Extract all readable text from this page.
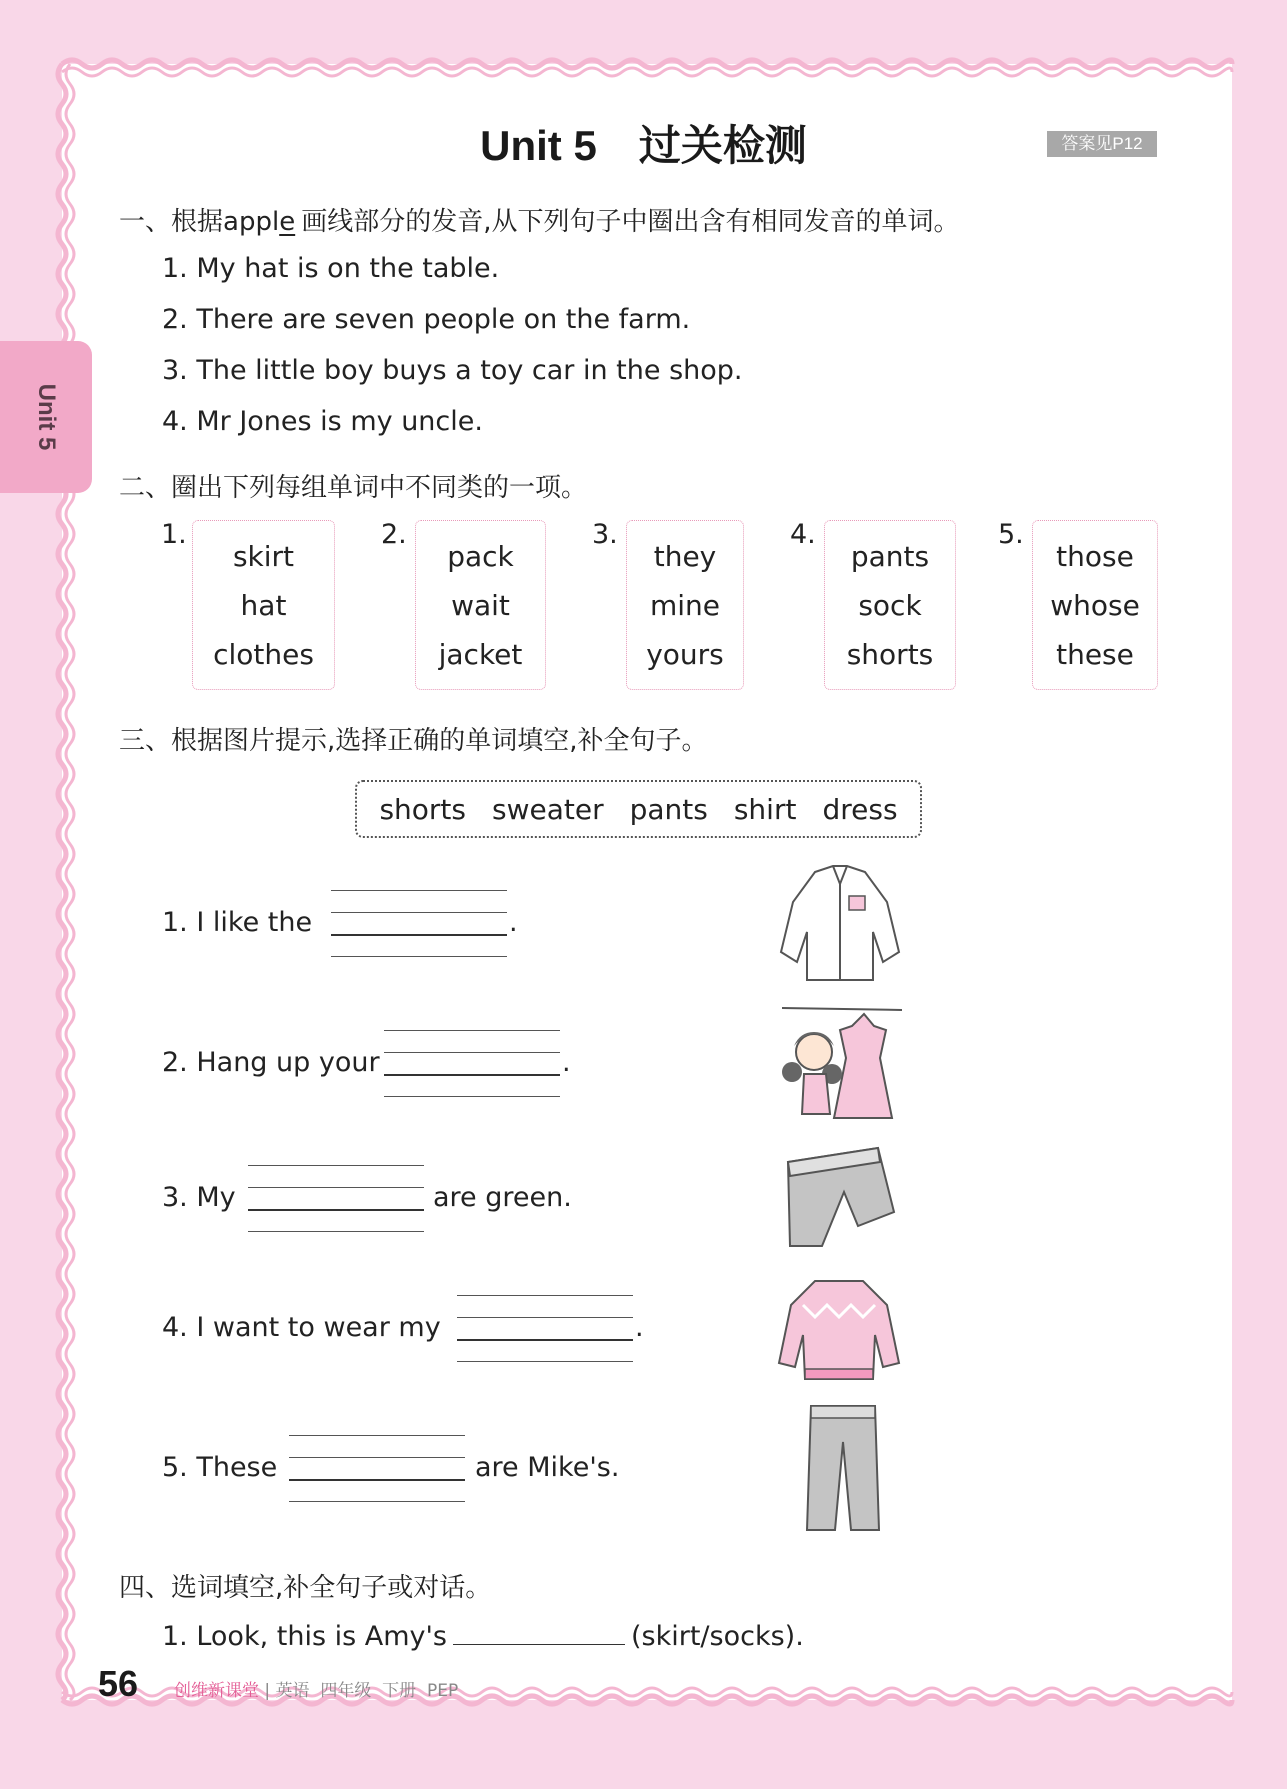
Unit 5
Unit 5　过关检测	答案见P12
一、根据apple 画线部分的发音,从下列句子中圈出含有相同发音的单词。
1. My hat is on the table.
2. There are seven people on the farm.
3. The little boy buys a toy car in the shop.
4. Mr Jones is my uncle.
二、圈出下列每组单词中不同类的一项。
1.
skirt
hat
clothes
2.
pack
wait
jacket
3.
they
mine
yours
4.
pants
sock
shorts
5.
those
whose
these
三、根据图片提示,选择正确的单词填空,补全句子。
shorts sweater pants shirt dress
1. I like the	.
2. Hang up your	.
3. My	are green.
4. I want to wear my	.
5. These	are Mike's.
四、选词填空,补全句子或对话。
1. Look, this is Amy's	(skirt/socks).
56 创维新课堂 | 英语 四年级 下册 PEP
